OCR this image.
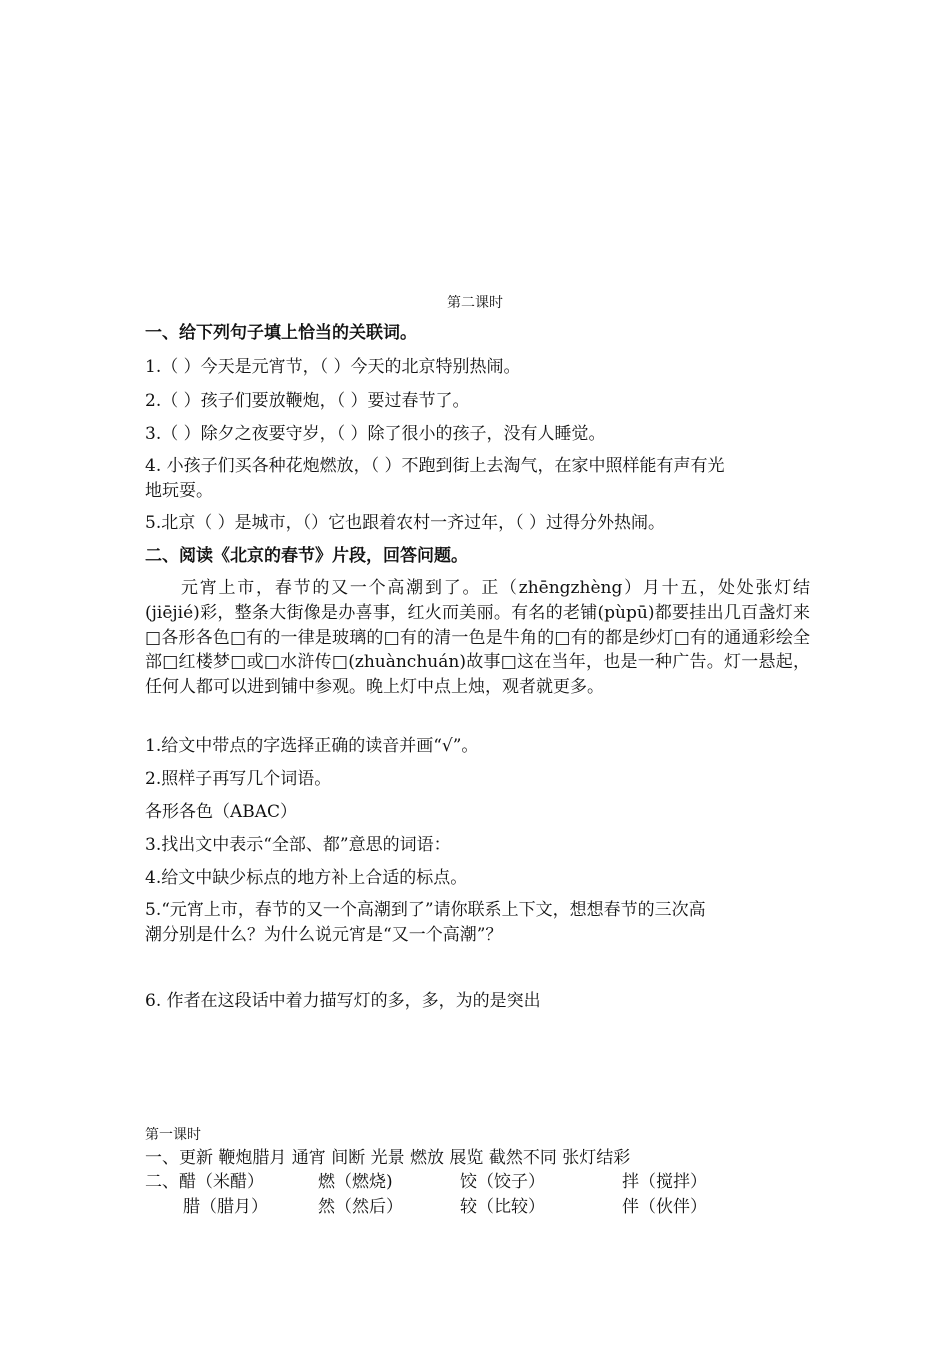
第二课时
一、给下列句子填上恰当的关联词。
1.（ ）今天是元宵节，（ ）今天的北京特别热闹。
2.（ ）孩子们要放鞭炮，（ ）要过春节了。
3.（ ）除夕之夜要守岁，（ ）除了很小的孩子，没有人睡觉。
4. 小孩子们买各种花炮燃放，（ ）不跑到街上去淘气，在家中照样能有声有光
地玩耍。
5.北京（ ）是城市，（）它也跟着农村一齐过年，（ ）过得分外热闹。
二、阅读《北京的春节》片段，回答问题。
元宵上市，春节的又一个高潮到了。正（zhēngzhèng）月十五，处处张灯结(jiējié)彩，整条大街像是办喜事，红火而美丽。有名的老铺(pùpū)都要挂出几百盏灯来□各形各色□有的一律是玻璃的□有的清一色是牛角的□有的都是纱灯□有的通通彩绘全部□红楼梦□或□水浒传□(zhuànchuán)故事□这在当年，也是一种广告。灯一悬起，任何人都可以进到铺中参观。晚上灯中点上烛，观者就更多。
1.给文中带点的字选择正确的读音并画“√”。
2.照样子再写几个词语。
各形各色（ABAC）
3.找出文中表示“全部、都”意思的词语：
4.给文中缺少标点的地方补上合适的标点。
5.“元宵上市，春节的又一个高潮到了”请你联系上下文，想想春节的三次高
潮分别是什么？为什么说元宵是“又一个高潮”？
6. 作者在这段话中着力描写灯的多，多，为的是突出
第一课时
一、更新 鞭炮腊月 通宵 间断 光景 燃放 展览 截然不同 张灯结彩
二、醋（米醋）	燃（燃烧)	饺（饺子）	拌（搅拌）
腊（腊月）	然（然后）	较（比较）	伴（伙伴）
